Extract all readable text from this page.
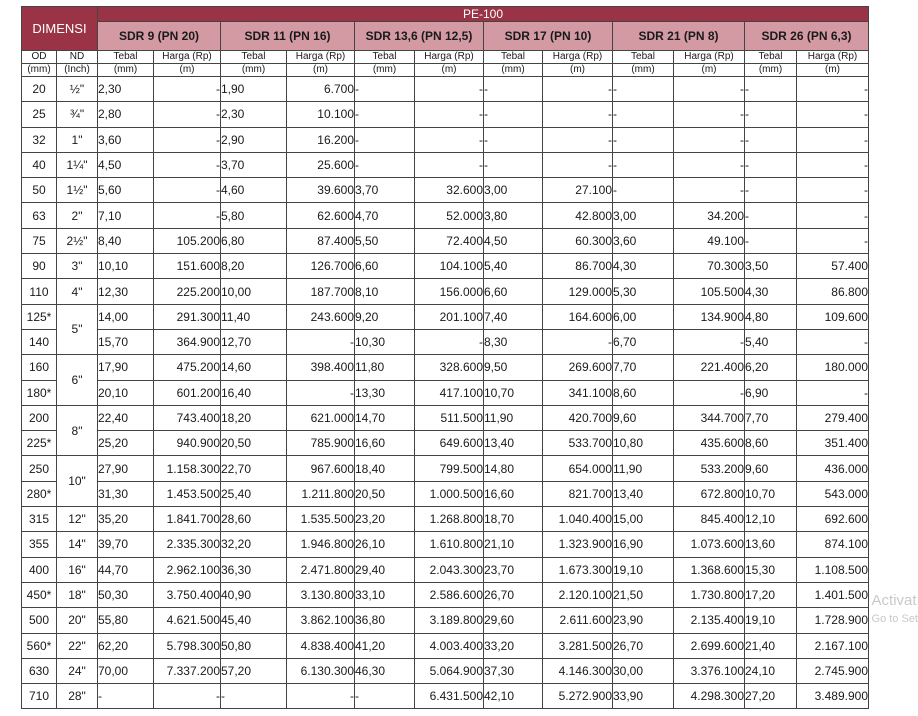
DIMENSI		PE-100											
		SDR 9 (PN 20)		SDR 11 (PN 16)		SDR 13,6 (PN 12,5)		SDR 17 (PN 10)		SDR 21 (PN 8)		SDR 26 (PN 6,3)	
OD	ND	Tebal	Harga (Rp)	Tebal	Harga (Rp)	Tebal	Harga (Rp)	Tebal	Harga (Rp)	Tebal	Harga (Rp)	Tebal	Harga (Rp)
(mm)	(Inch)	(mm)	(m)	(mm)	(m)	(mm)	(m)	(mm)	(m)	(mm)	(m)	(mm)	(m)
20	½"	2,30	-	1,90	6.700	-	-	-	-	-	-	-	-
25	¾"	2,80	-	2,30	10.100	-	-	-	-	-	-	-	-
32	1"	3,60	-	2,90	16.200	-	-	-	-	-	-	-	-
40	1¼"	4,50	-	3,70	25.600	-	-	-	-	-	-	-	-
50	1½"	5,60	-	4,60	39.600	3,70	32.600	3,00	27.100	-	-	-	-
63	2"	7,10	-	5,80	62.600	4,70	52.000	3,80	42.800	3,00	34.200	-	-
75	2½"	8,40	105.200	6,80	87.400	5,50	72.400	4,50	60.300	3,60	49.100	-	-
90	3"	10,10	151.600	8,20	126.700	6,60	104.100	5,40	86.700	4,30	70.300	3,50	57.400
110	4"	12,30	225.200	10,00	187.700	8,10	156.000	6,60	129.000	5,30	105.500	4,30	86.800
125*	5"	14,00	291.300	11,40	243.600	9,20	201.100	7,40	164.600	6,00	134.900	4,80	109.600
140		15,70	364.900	12,70	-	10,30	-	8,30	-	6,70	-	5,40	-
160	6"	17,90	475.200	14,60	398.400	11,80	328.600	9,50	269.600	7,70	221.400	6,20	180.000
180*		20,10	601.200	16,40	-	13,30	417.100	10,70	341.100	8,60	-	6,90	-
200	8"	22,40	743.400	18,20	621.000	14,70	511.500	11,90	420.700	9,60	344.700	7,70	279.400
225*		25,20	940.900	20,50	785.900	16,60	649.600	13,40	533.700	10,80	435.600	8,60	351.400
250	10"	27,90	1.158.300	22,70	967.600	18,40	799.500	14,80	654.000	11,90	533.200	9,60	436.000
280*		31,30	1.453.500	25,40	1.211.800	20,50	1.000.500	16,60	821.700	13,40	672.800	10,70	543.000
315	12"	35,20	1.841.700	28,60	1.535.500	23,20	1.268.800	18,70	1.040.400	15,00	845.400	12,10	692.600
355	14"	39,70	2.335.300	32,20	1.946.800	26,10	1.610.800	21,10	1.323.900	16,90	1.073.600	13,60	874.100
400	16"	44,70	2.962.100	36,30	2.471.800	29,40	2.043.300	23,70	1.673.300	19,10	1.368.600	15,30	1.108.500
450*	18"	50,30	3.750.400	40,90	3.130.800	33,10	2.586.600	26,70	2.120.100	21,50	1.730.800	17,20	1.401.500
500	20"	55,80	4.621.500	45,40	3.862.100	36,80	3.189.800	29,60	2.611.600	23,90	2.135.400	19,10	1.728.900
560*	22"	62,20	5.798.300	50,80	4.838.400	41,20	4.003.400	33,20	3.281.500	26,70	2.699.600	21,40	2.167.100
630	24"	70,00	7.337.200	57,20	6.130.300	46,30	5.064.900	37,30	4.146.300	30,00	3.376.100	24,10	2.745.900
710	28"	-	-	-	-	-	6.431.500	42,10	5.272.900	33,90	4.298.300	27,20	3.489.900
Activat
Go to Set
